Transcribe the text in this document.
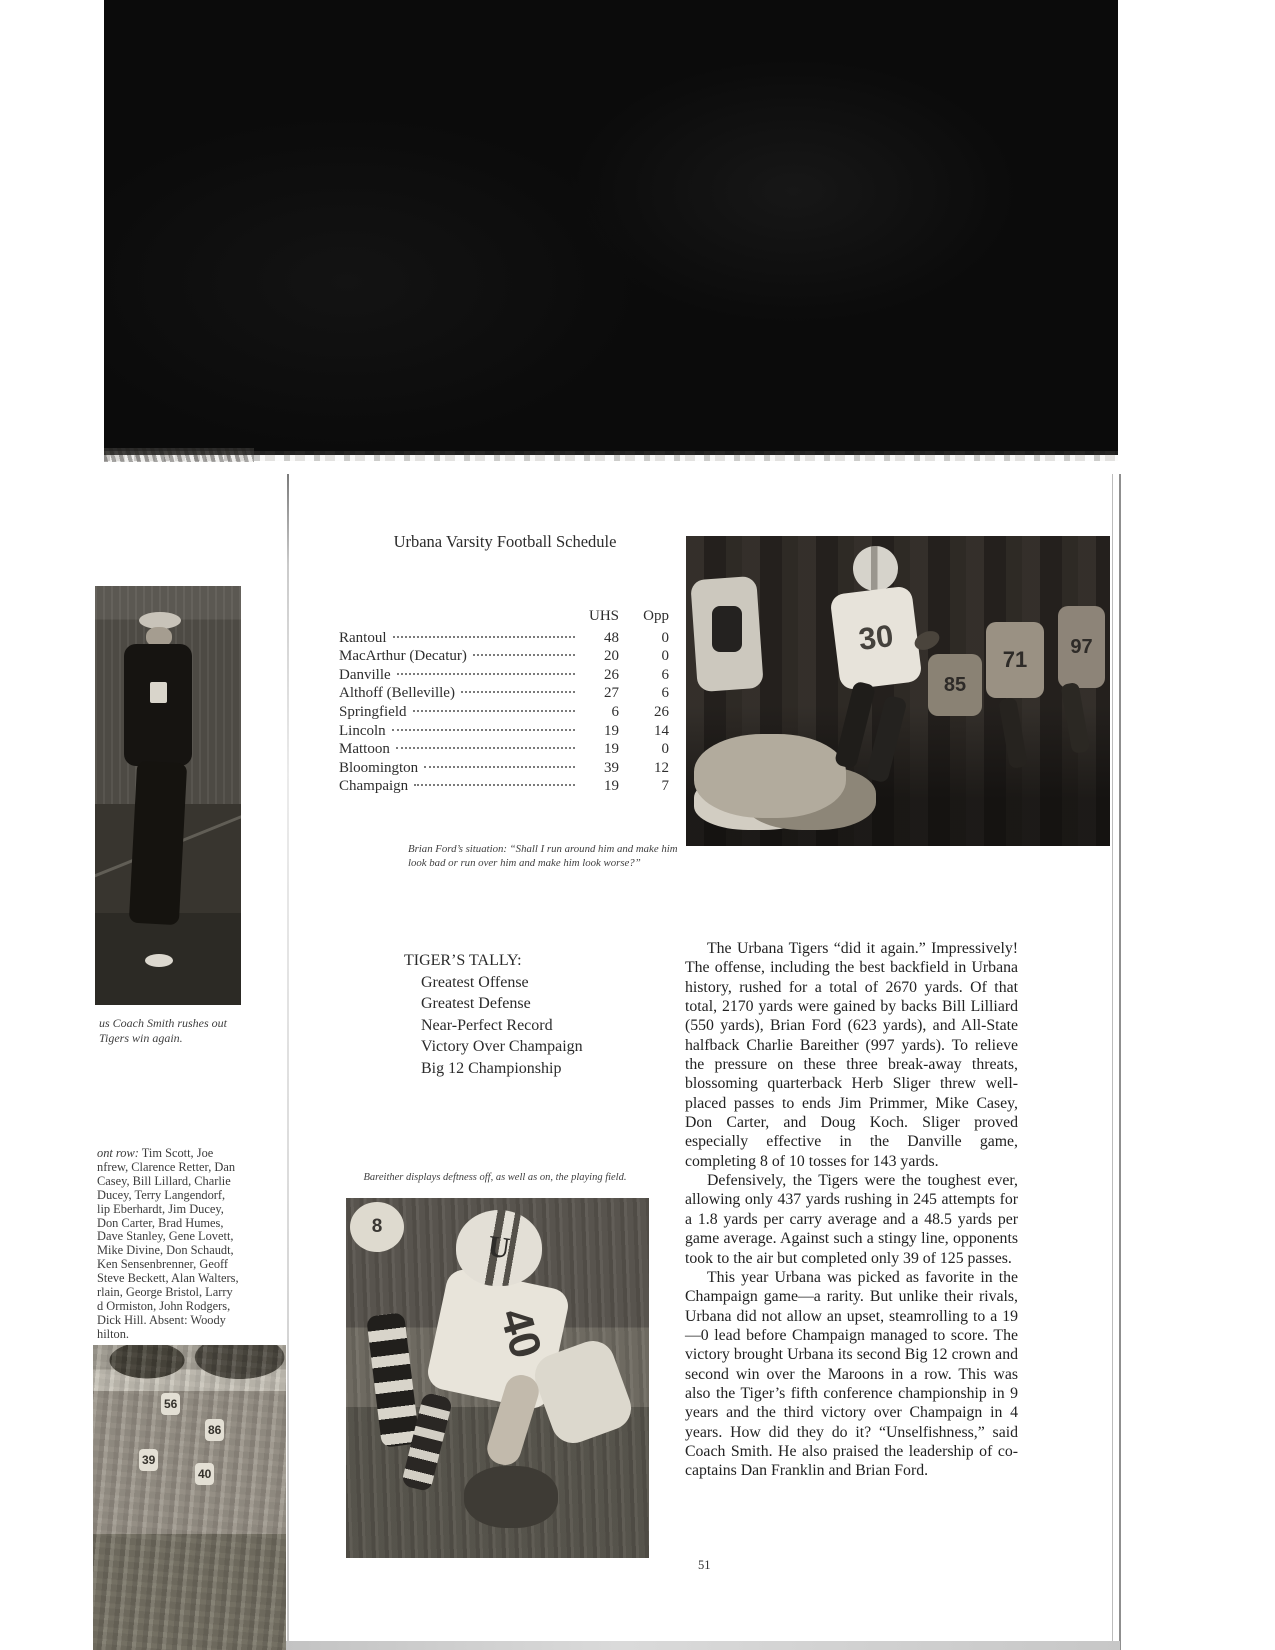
us Coach Smith rushes out
Tigers win again.
ont row: Tim Scott, Joe
nfrew, Clarence Retter, Dan
Casey, Bill Lillard, Charlie
Ducey, Terry Langendorf,
lip Eberhardt, Jim Ducey,
Don Carter, Brad Humes,
Dave Stanley, Gene Lovett,
Mike Divine, Don Schaudt,
Ken Sensenbrenner, Geoff
Steve Beckett, Alan Walters,
rlain, George Bristol, Larry
d Ormiston, John Rodgers,
Dick Hill. Absent: Woody
hilton.
56
86
39
40
Urbana Varsity Football Schedule
UHS	Opp
Rantoul	48	0
MacArthur (Decatur)	20	0
Danville	26	6
Althoff (Belleville)	27	6
Springfield	6	26
Lincoln	19	14
Mattoon	19	0
Bloomington	39	12
Champaign	19	7
Brian Ford’s situation: “Shall I run around him and make him look bad or run over him and make him look worse?”
30
85
71
97
TIGER’S TALLY:
Greatest Offense
Greatest Defense
Near-Perfect Record
Victory Over Champaign
Big 12 Championship
Bareither displays deftness off, as well as on, the playing field.
8
40
U

The Urbana Tigers “did it again.” Impressively! The offense, including the best backfield in Urbana history, rushed for a total of 2670 yards. Of that total, 2170 yards were gained by backs Bill Lilliard (550 yards), Brian Ford (623 yards), and All-State halfback Charlie Bareither (997 yards). To relieve the pressure on these three break-away threats, blossoming quarterback Herb Sliger threw well-placed passes to ends Jim Primmer, Mike Casey, Don Carter, and Doug Koch. Sliger proved especially effective in the Danville game, completing 8 of 10 tosses for 143 yards.

Defensively, the Tigers were the toughest ever, allowing only 437 yards rushing in 245 attempts for a 1.8 yards per carry average and a 48.5 yards per game average. Against such a stingy line, opponents took to the air but completed only 39 of 125 passes.

This year Urbana was picked as favorite in the Champaign game—a rarity. But unlike their rivals, Urbana did not allow an upset, steamrolling to a 19—0 lead before Champaign managed to score. The victory brought Urbana its second Big 12 crown and second win over the Maroons in a row. This was also the Tiger’s fifth conference championship in 9 years and the third victory over Champaign in 4 years. How did they do it? “Unselfishness,” said Coach Smith. He also praised the leadership of co-captains Dan Franklin and Brian Ford.

51
